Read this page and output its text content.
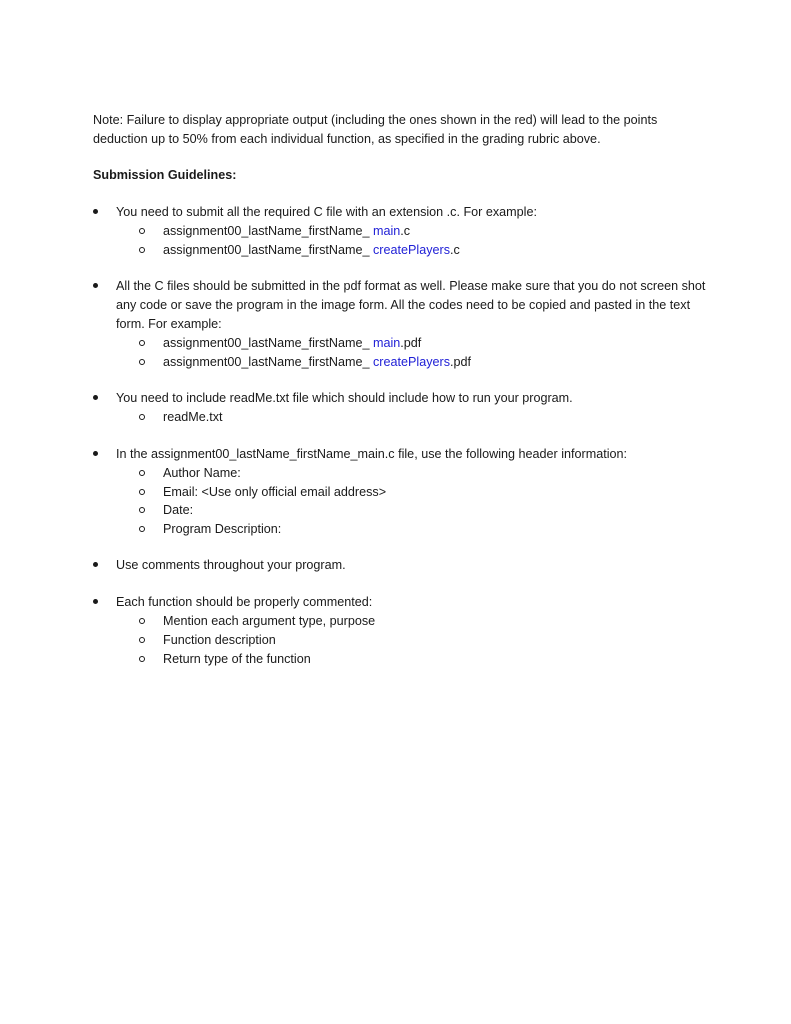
Note: Failure to display appropriate output (including the ones shown in the red) will lead to the points deduction up to 50% from each individual function, as specified in the grading rubric above.

Submission Guidelines:

You need to submit all the required C file with an extension .c. For example:
assignment00_lastName_firstName_ main.c
assignment00_lastName_firstName_ createPlayers.c
All the C files should be submitted in the pdf format as well. Please make sure that you do not screen shot any code or save the program in the image form. All the codes need to be copied and pasted in the text form. For example:
assignment00_lastName_firstName_ main.pdf
assignment00_lastName_firstName_ createPlayers.pdf
You need to include readMe.txt file which should include how to run your program.
readMe.txt
In the assignment00_lastName_firstName_main.c file, use the following header information:
Author Name:
Email: <Use only official email address>
Date:
Program Description:
Use comments throughout your program.
Each function should be properly commented:
Mention each argument type, purpose
Function description
Return type of the function
